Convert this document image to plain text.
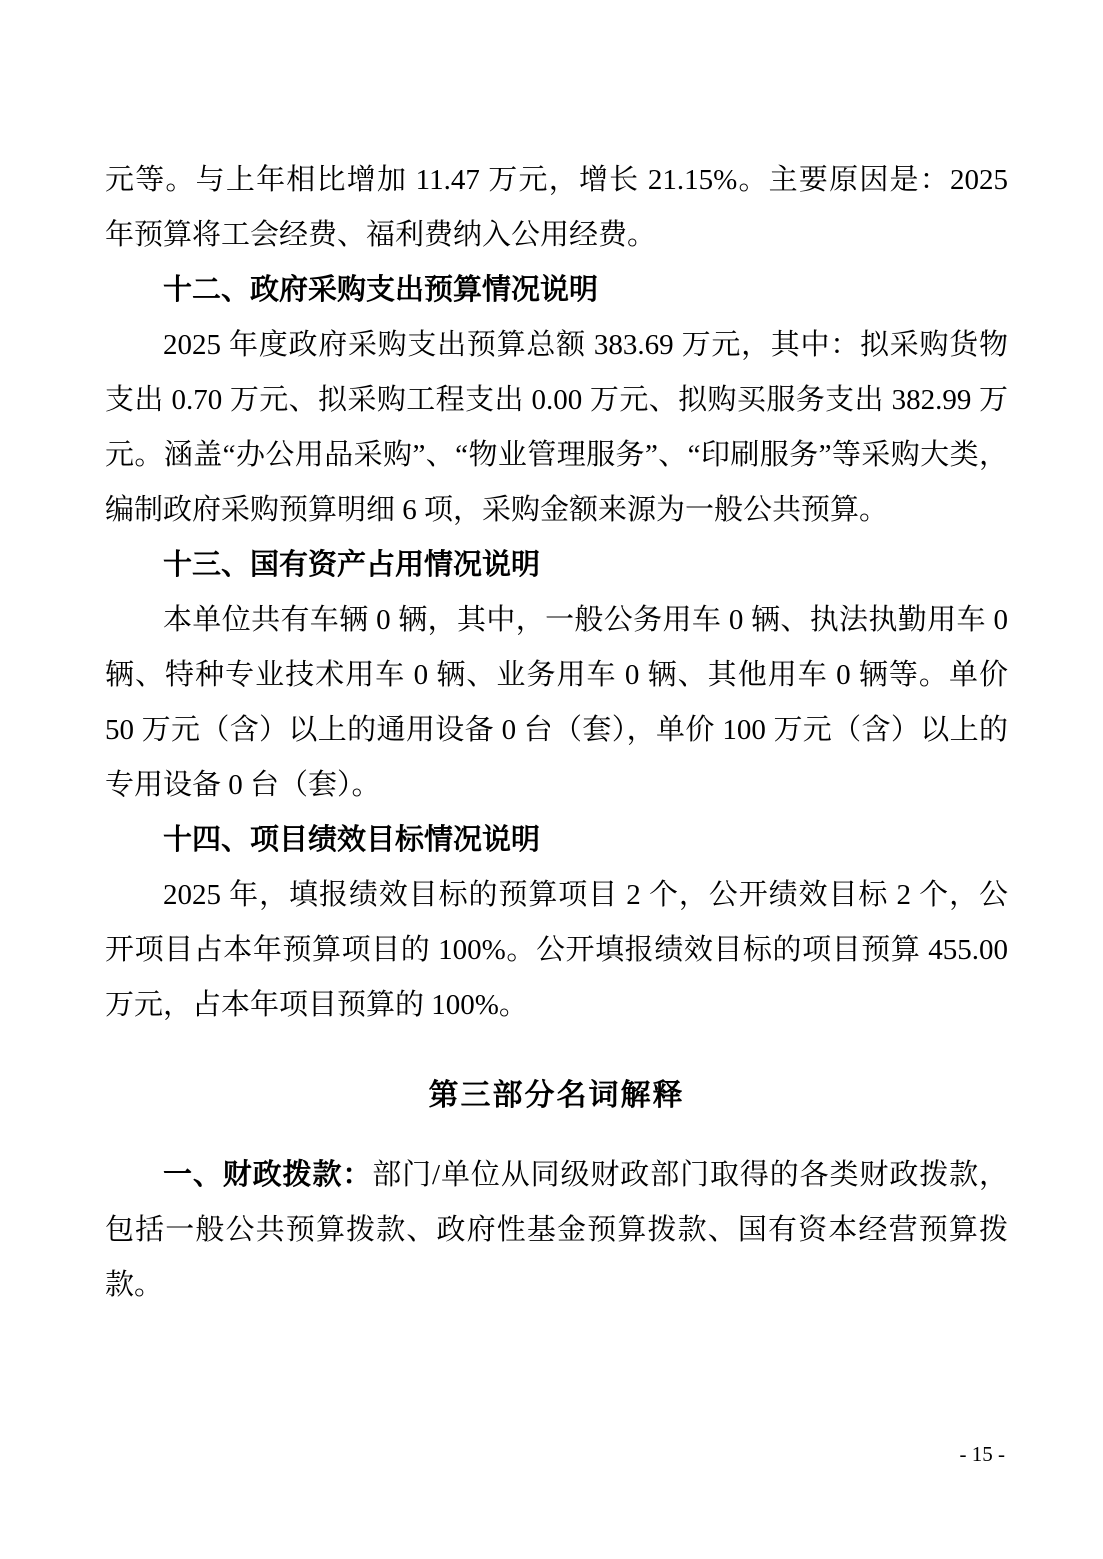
元等。与上年相比增加 11.47 万元，增长 21.15%。主要原因是：2025 年预算将工会经费、福利费纳入公用经费。

十二、政府采购支出预算情况说明

2025 年度政府采购支出预算总额 383.69 万元，其中：拟采购货物支出 0.70 万元、拟采购工程支出 0.00 万元、拟购买服务支出 382.99 万元。涵盖“办公用品采购”、“物业管理服务”、“印刷服务”等采购大类，编制政府采购预算明细 6 项，采购金额来源为一般公共预算。

十三、国有资产占用情况说明

本单位共有车辆 0 辆，其中，一般公务用车 0 辆、执法执勤用车 0 辆、特种专业技术用车 0 辆、业务用车 0 辆、其他用车 0 辆等。单价 50 万元（含）以上的通用设备 0 台（套），单价 100 万元（含）以上的专用设备 0 台（套）。

十四、项目绩效目标情况说明

2025 年，填报绩效目标的预算项目 2 个，公开绩效目标 2 个，公开项目占本年预算项目的 100%。公开填报绩效目标的项目预算 455.00 万元，占本年项目预算的 100%。

第三部分名词解释

一、财政拨款：部门/单位从同级财政部门取得的各类财政拨款，包括一般公共预算拨款、政府性基金预算拨款、国有资本经营预算拨款。

- 15 -
